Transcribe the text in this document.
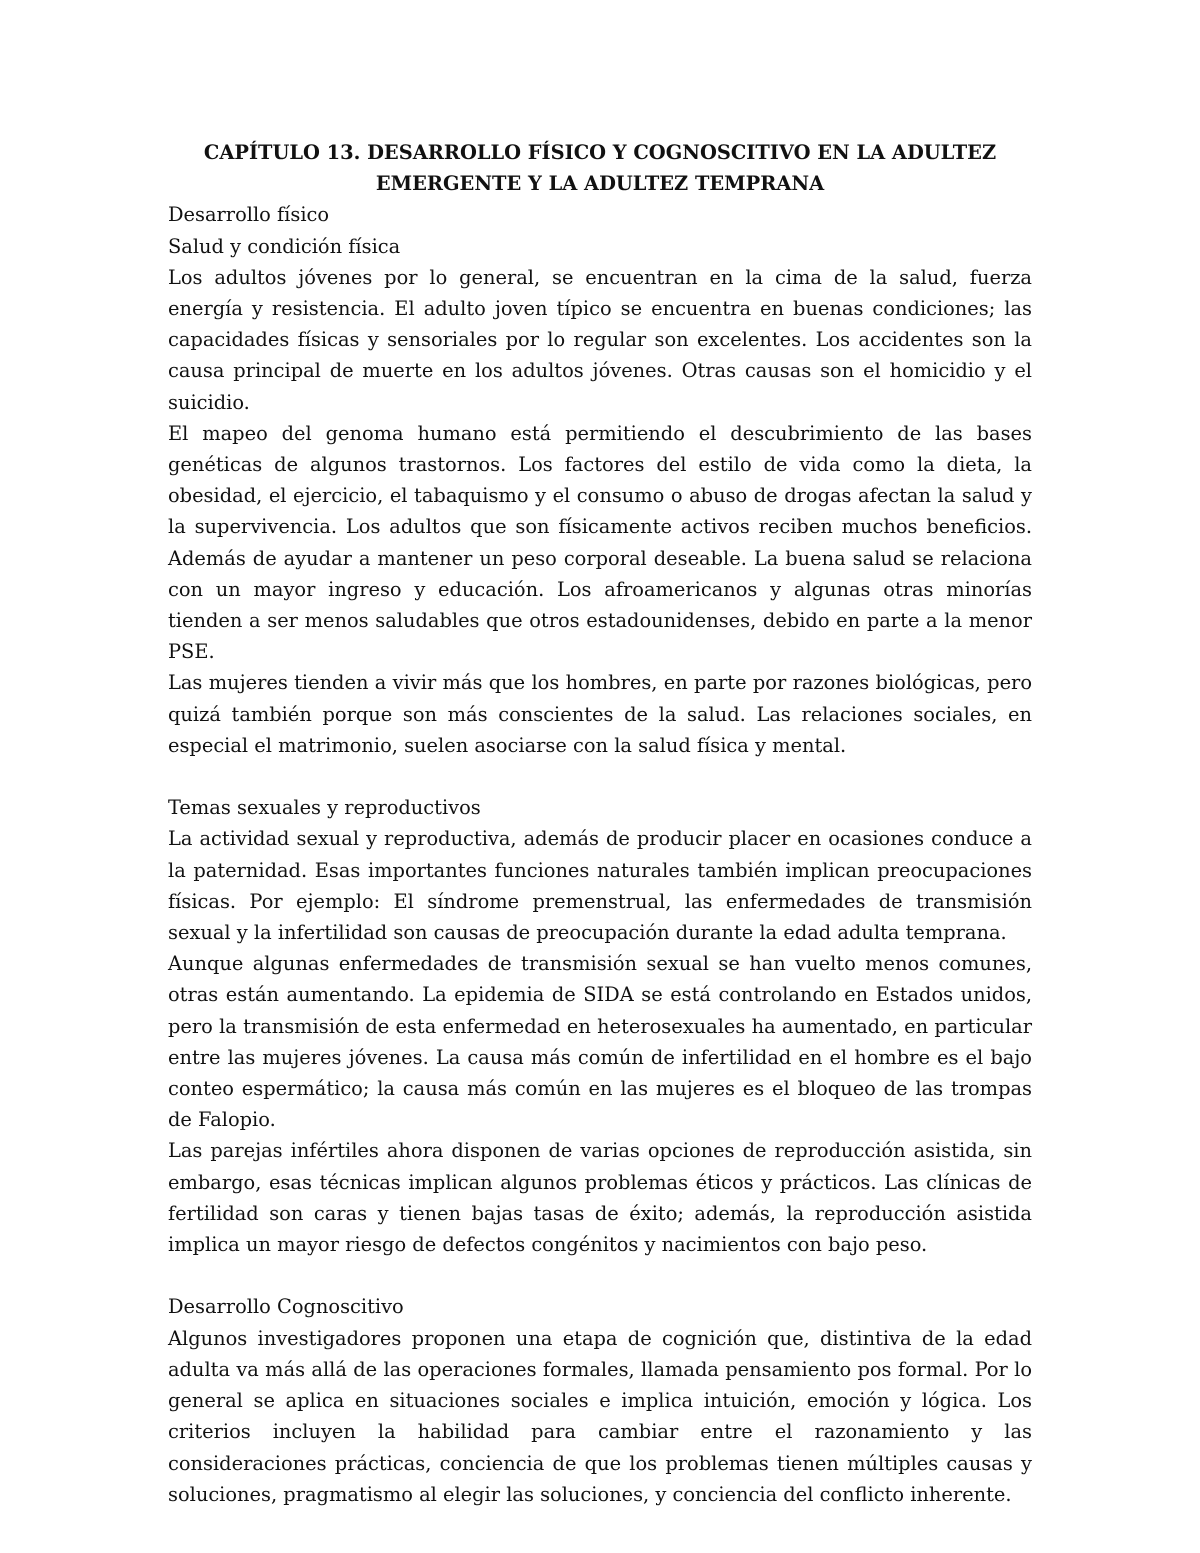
CAPÍTULO 13. DESARROLLO FÍSICO Y COGNOSCITIVO EN LA ADULTEZ EMERGENTE Y LA ADULTEZ TEMPRANA

Desarrollo físico

Salud y condición física

Los adultos jóvenes por lo general, se encuentran en la cima de la salud, fuerza energía y resistencia. El adulto joven típico se encuentra en buenas condiciones; las capacidades físicas y sensoriales por lo regular son excelentes. Los accidentes son la causa principal de muerte en los adultos jóvenes. Otras causas son el homicidio y el suicidio.

El mapeo del genoma humano está permitiendo el descubrimiento de las bases genéticas de algunos trastornos. Los factores del estilo de vida como la dieta, la obesidad, el ejercicio, el tabaquismo y el consumo o abuso de drogas afectan la salud y la supervivencia. Los adultos que son físicamente activos reciben muchos beneficios. Además de ayudar a mantener un peso corporal deseable. La buena salud se relaciona con un mayor ingreso y educación. Los afroamericanos y algunas otras minorías tienden a ser menos saludables que otros estadounidenses, debido en parte a la menor PSE.

Las mujeres tienden a vivir más que los hombres, en parte por razones biológicas, pero quizá también porque son más conscientes de la salud. Las relaciones sociales, en especial el matrimonio, suelen asociarse con la salud física y mental.

Temas sexuales y reproductivos

La actividad sexual y reproductiva, además de producir placer en ocasiones conduce a la paternidad. Esas importantes funciones naturales también implican preocupaciones físicas. Por ejemplo: El síndrome premenstrual, las enfermedades de transmisión sexual y la infertilidad son causas de preocupación durante la edad adulta temprana.

Aunque algunas enfermedades de transmisión sexual se han vuelto menos comunes, otras están aumentando. La epidemia de SIDA se está controlando en Estados unidos, pero la transmisión de esta enfermedad en heterosexuales ha aumentado, en particular entre las mujeres jóvenes. La causa más común de infertilidad en el hombre es el bajo conteo espermático; la causa más común en las mujeres es el bloqueo de las trompas de Falopio.

Las parejas infértiles ahora disponen de varias opciones de reproducción asistida, sin embargo, esas técnicas implican algunos problemas éticos y prácticos. Las clínicas de fertilidad son caras y tienen bajas tasas de éxito; además, la reproducción asistida implica un mayor riesgo de defectos congénitos y nacimientos con bajo peso.

Desarrollo Cognoscitivo

Algunos investigadores proponen una etapa de cognición que, distintiva de la edad adulta va más allá de las operaciones formales, llamada pensamiento pos formal. Por lo general se aplica en situaciones sociales e implica intuición, emoción y lógica. Los criterios incluyen la habilidad para cambiar entre el razonamiento y las consideraciones prácticas, conciencia de que los problemas tienen múltiples causas y soluciones, pragmatismo al elegir las soluciones, y conciencia del conflicto inherente.
